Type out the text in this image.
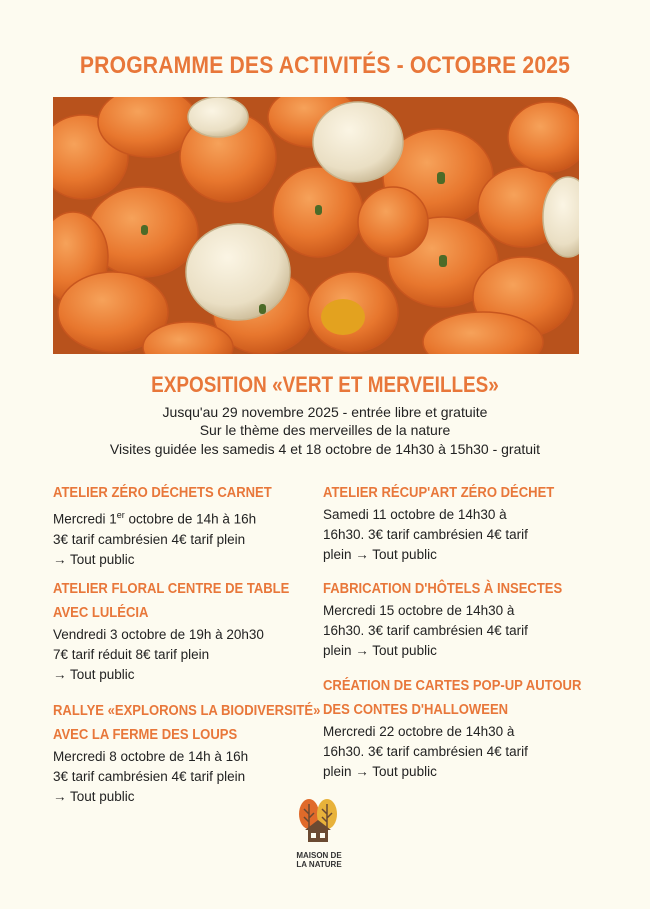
PROGRAMME DES ACTIVITÉS - OCTOBRE 2025
EXPOSITION «VERT ET MERVEILLES»
Jusqu'au 29 novembre 2025 - entrée libre et gratuite
Sur le thème des merveilles de la nature
Visites guidée les samedis 4 et 18 octobre de 14h30 à 15h30 - gratuit
ATELIER ZÉRO DÉCHETS CARNET
Mercredi 1er octobre de 14h à 16h
3€ tarif cambrésien 4€ tarif plein
→ Tout public
ATELIER FLORAL CENTRE DE TABLE
AVEC LULÉCIA
Vendredi 3 octobre de 19h à 20h30
7€ tarif réduit 8€ tarif plein
→ Tout public
RALLYE «EXPLORONS LA BIODIVERSITÉ»
AVEC LA FERME DES LOUPS
Mercredi 8 octobre de 14h à 16h
3€ tarif cambrésien 4€ tarif plein
→ Tout public
ATELIER RÉCUP'ART ZÉRO DÉCHET
Samedi 11 octobre de 14h30 à
16h30. 3€ tarif cambrésien 4€ tarif
plein → Tout public
FABRICATION D'HÔTELS À INSECTES
Mercredi 15 octobre de 14h30 à
16h30. 3€ tarif cambrésien 4€ tarif
plein → Tout public
CRÉATION DE CARTES POP-UP AUTOUR
DES CONTES D'HALLOWEEN
Mercredi 22 octobre de 14h30 à
16h30. 3€ tarif cambrésien 4€ tarif
plein → Tout public
MAISON DE
LA NATURE
